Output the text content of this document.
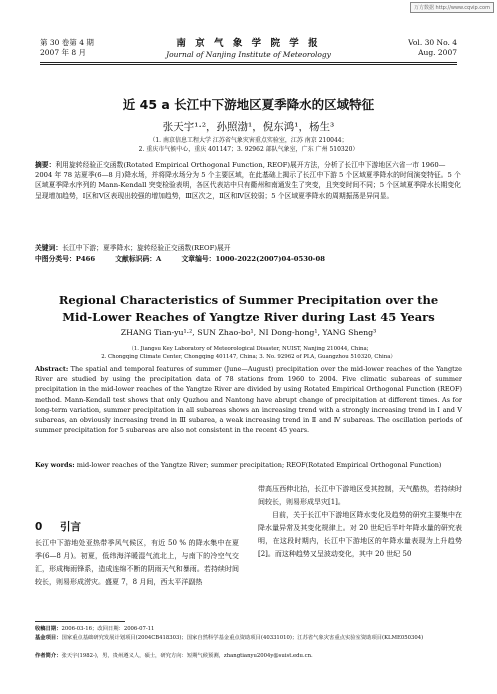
万方数据 http://www.cqvip.com
第 30 卷第 4 期
2007 年 8 月
南 京 气 象 学 院 学 报
Journal of Nanjing Institute of Meteorology
Vol. 30 No. 4
Aug. 2007
近 45 a 长江中下游地区夏季降水的区域特征
张天宇¹·²，孙照渤¹，倪东鸿¹，杨生³
（1. 南京信息工程大学 江苏省气象灾害重点实验室，江苏 南京 210044；
2. 重庆市气候中心，重庆 401147；3. 92962 部队气象室，广东 广州 510320）
摘要：利用旋转经验正交函数(Rotated Empirical Orthogonal Function, REOF)展开方法，分析了长江中下游地区六省一市 1960—2004 年 78 站夏季(6—8 月)降水场，并将降水场分为 5 个主要区域，在此基础上揭示了长江中下游 5 个区域夏季降水的时间演变特征。5 个区域夏季降水序列的 Mann-Kendall 突变检验表明，各区代表站中只有衢州和南通发生了突变，且突变时间不同；5 个区域夏季降水长期变化呈现增加趋势，Ⅰ区和Ⅴ区表现出较强的增加趋势，Ⅲ区次之，Ⅱ区和Ⅳ区较弱；5 个区域夏季降水的周期振荡是异同显。
关键词：长江中下游；夏季降水；旋转经验正交函数(REOF)展开
中图分类号：P466	文献标识码：A	文章编号：1000-2022(2007)04-0530-08
Regional Characteristics of Summer Precipitation over the
Mid-Lower Reaches of Yangtze River during Last 45 Years
ZHANG Tian-yu¹·², SUN Zhao-bo¹, NI Dong-hong¹, YANG Sheng³
（1. Jiangsu Key Laboratory of Meteorological Disaster, NUIST, Nanjing 210044, China;
2. Chongqing Climate Center, Chongqing 401147, China; 3. No. 92962 of PLA, Guangzhou 510320, China）
Abstract: The spatial and temporal features of summer (June—August) precipitation over the mid-lower reaches of the Yangtze River are studied by using the precipitation data of 78 stations from 1960 to 2004. Five climatic subareas of summer precipitation in the mid-lower reaches of the Yangtze River are divided by using Rotated Empirical Orthogonal Function (REOF) method. Mann-Kendall test shows that only Quzhou and Nantong have abrupt change of precipitation at different times. As for long-term variation, summer precipitation in all subareas shows an increasing trend with a strongly increasing trend in Ⅰ and Ⅴ subareas, an obviously increasing trend in Ⅲ subarea, a weak increasing trend in Ⅱ and Ⅳ subareas. The oscillation periods of summer precipitation for 5 subareas are also not consistent in the recent 45 years.
Key words: mid-lower reaches of the Yangtze River; summer precipitation; REOF(Rotated Empirical Orthogonal Function)
0 引言
长江中下游地处亚热带季风气候区，有近 50 % 的降水集中在夏季(6—8 月)。初夏，低纬海洋暖湿气流北上，与南下的冷空气交汇，形成梅雨锋系，造成连绵不断的阴雨天气和暴雨。若持续时间较长，则易形成涝灾。盛夏 7，8 月间，西太平洋副热
带高压西伸北抬，长江中下游地区受其控制，天气酷热，若持续时间较长，则易形成旱灾[1]。
目前，关于长江中下游地区降水变化及趋势的研究主要集中在降水量异常及其变化规律上。对 20 世纪后半叶年降水量的研究表明，在这段时期内，长江中下游地区的年降水量表现为上升趋势[2]。而这种趋势又呈波动变化，其中 20 世纪 50
收稿日期：2006-03-16；改回日期：2006-07-11
基金项目：国家重点基础研究发展计划项目(2004CB418303)；国家自然科学基金重点资助项目(40331010)；江苏省气象灾害重点实验室资助项目(KLME050304)
作者简介：张天宇(1982-)，男，贵州遵义人，硕士，研究方向：短期气候预测，zhangtianyu2004y@suist.edu.cn.
